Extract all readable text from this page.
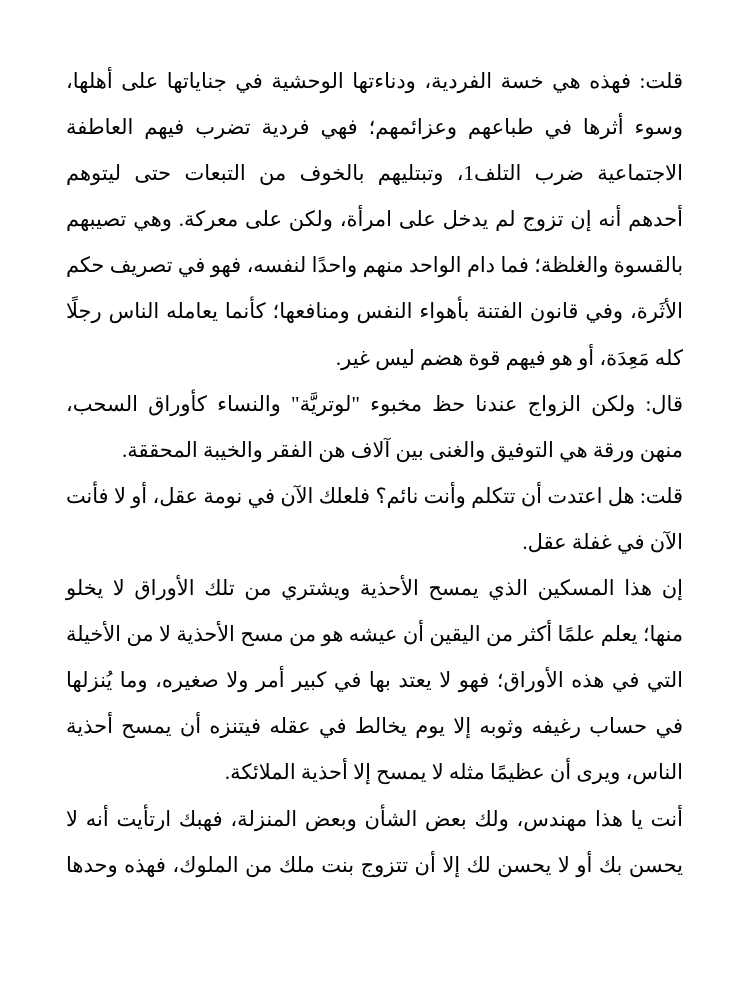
قلت: فهذه هي خسة الفردية، ودناءتها الوحشية في جناياتها على أهلها،
وسوء أثرها في طباعهم وعزائمهم؛ فهي فردية تضرب فيهم العاطفة
الاجتماعية ضرب التلف1، وتبتليهم بالخوف من التبعات حتى ليتوهم
أحدهم أنه إن تزوج لم يدخل على امرأة، ولكن على معركة. وهي تصيبهم
بالقسوة والغلظة؛ فما دام الواحد منهم واحدًا لنفسه، فهو في تصريف حكم
الأثَرة، وفي قانون الفتنة بأهواء النفس ومنافعها؛ كأنما يعامله الناس رجلًا
كله مَعِدَة، أو هو فيهم قوة هضم ليس غير.
قال: ولكن الزواج عندنا حظ مخبوء "لوتريَّة" والنساء كأوراق السحب،
منهن ورقة هي التوفيق والغنى بين آلاف هن الفقر والخيبة المحققة.
قلت: هل اعتدت أن تتكلم وأنت نائم؟ فلعلك الآن في نومة عقل، أو لا فأنت
الآن في غفلة عقل.
إن هذا المسكين الذي يمسح الأحذية ويشتري من تلك الأوراق لا يخلو
منها؛ يعلم علمًا أكثر من اليقين أن عيشه هو من مسح الأحذية لا من الأخيلة
التي في هذه الأوراق؛ فهو لا يعتد بها في كبير أمر ولا صغيره، وما يُنزلها
في حساب رغيفه وثوبه إلا يوم يخالط في عقله فيتنزه أن يمسح أحذية
الناس، ويرى أن عظيمًا مثله لا يمسح إلا أحذية الملائكة.
أنت يا هذا مهندس، ولك بعض الشأن وبعض المنزلة، فهبك ارتأيت أنه لا
يحسن بك أو لا يحسن لك إلا أن تتزوج بنت ملك من الملوك، فهذه وحدها
